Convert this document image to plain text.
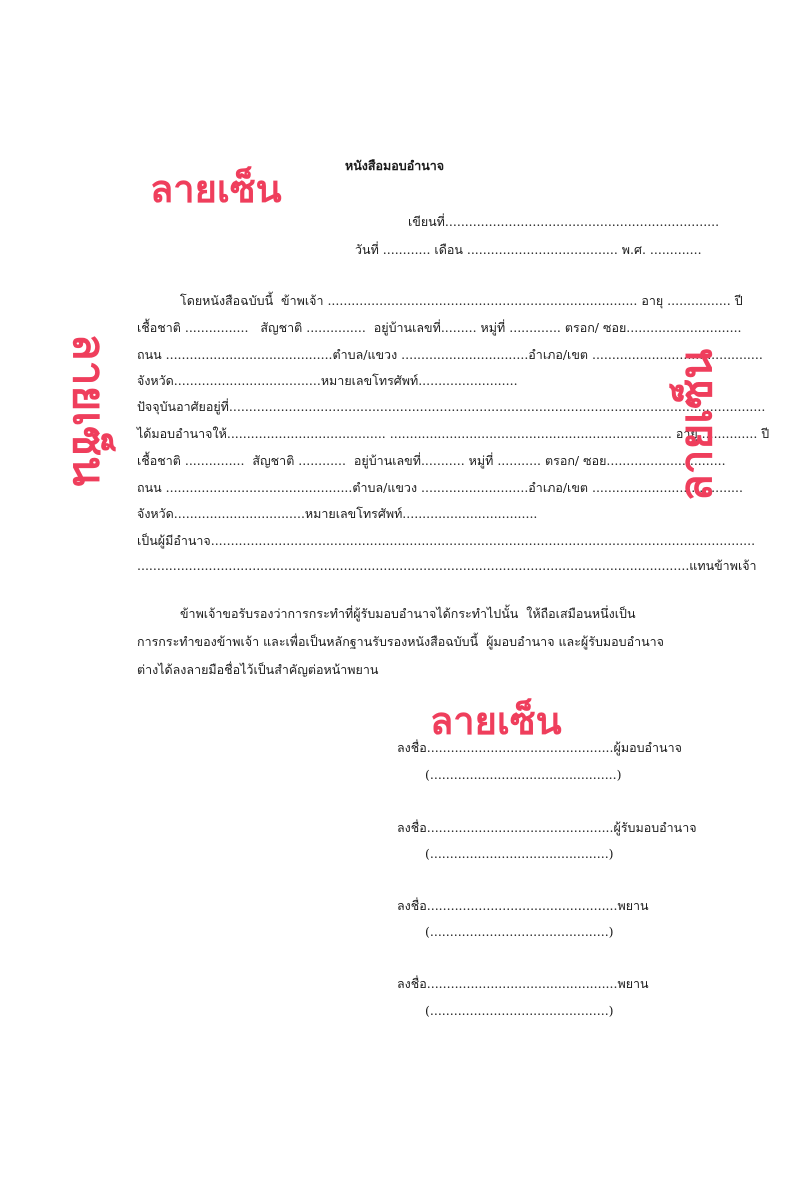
หนังสือมอบอำนาจ
เขียนที่.....................................................................
วันที่ ............ เดือน ...................................... พ.ศ. .............
โดยหนังสือฉบับนี้  ข้าพเจ้า .............................................................................. อายุ ................ ปี
เชื้อชาติ ................   สัญชาติ ...............  อยู่บ้านเลขที่......... หมู่ที่ ............. ตรอก/ ซอย.............................
ถนน ..........................................ตำบล/แขวง ................................อำเภอ/เขต ...........................................
จังหวัด.....................................หมายเลขโทรศัพท์.........................
ปัจจุบันอาศัยอยู่ที่.......................................................................................................................................
ได้มอบอำนาจให้........................................ ....................................................................... อายุ .............. ปี
เชื้อชาติ ...............  สัญชาติ ............  อยู่บ้านเลขที่........... หมู่ที่ ........... ตรอก/ ซอย..............................
ถนน ...............................................ตำบล/แขวง ...........................อำเภอ/เขต ......................................
จังหวัด.................................หมายเลขโทรศัพท์..................................
เป็นผู้มีอำนาจ.........................................................................................................................................
...........................................................................................................................................แทนข้าพเจ้า
ข้าพเจ้าขอรับรองว่าการกระทำที่ผู้รับมอบอำนาจได้กระทำไปนั้น  ให้ถือเสมือนหนึ่งเป็น
การกระทำของข้าพเจ้า และเพื่อเป็นหลักฐานรับรองหนังสือฉบับนี้  ผู้มอบอำนาจ และผู้รับมอบอำนาจ
ต่างได้ลงลายมือชื่อไว้เป็นสำคัญต่อหน้าพยาน
ลงชื่อ...............................................ผู้มอบอำนาจ
(...............................................)
ลงชื่อ...............................................ผู้รับมอบอำนาจ
(.............................................)
ลงชื่อ................................................พยาน
(.............................................)
ลงชื่อ................................................พยาน
(.............................................)
ลายเซ็น
ลายเซ็น
ลายเซ็น	ลายเซ็น
